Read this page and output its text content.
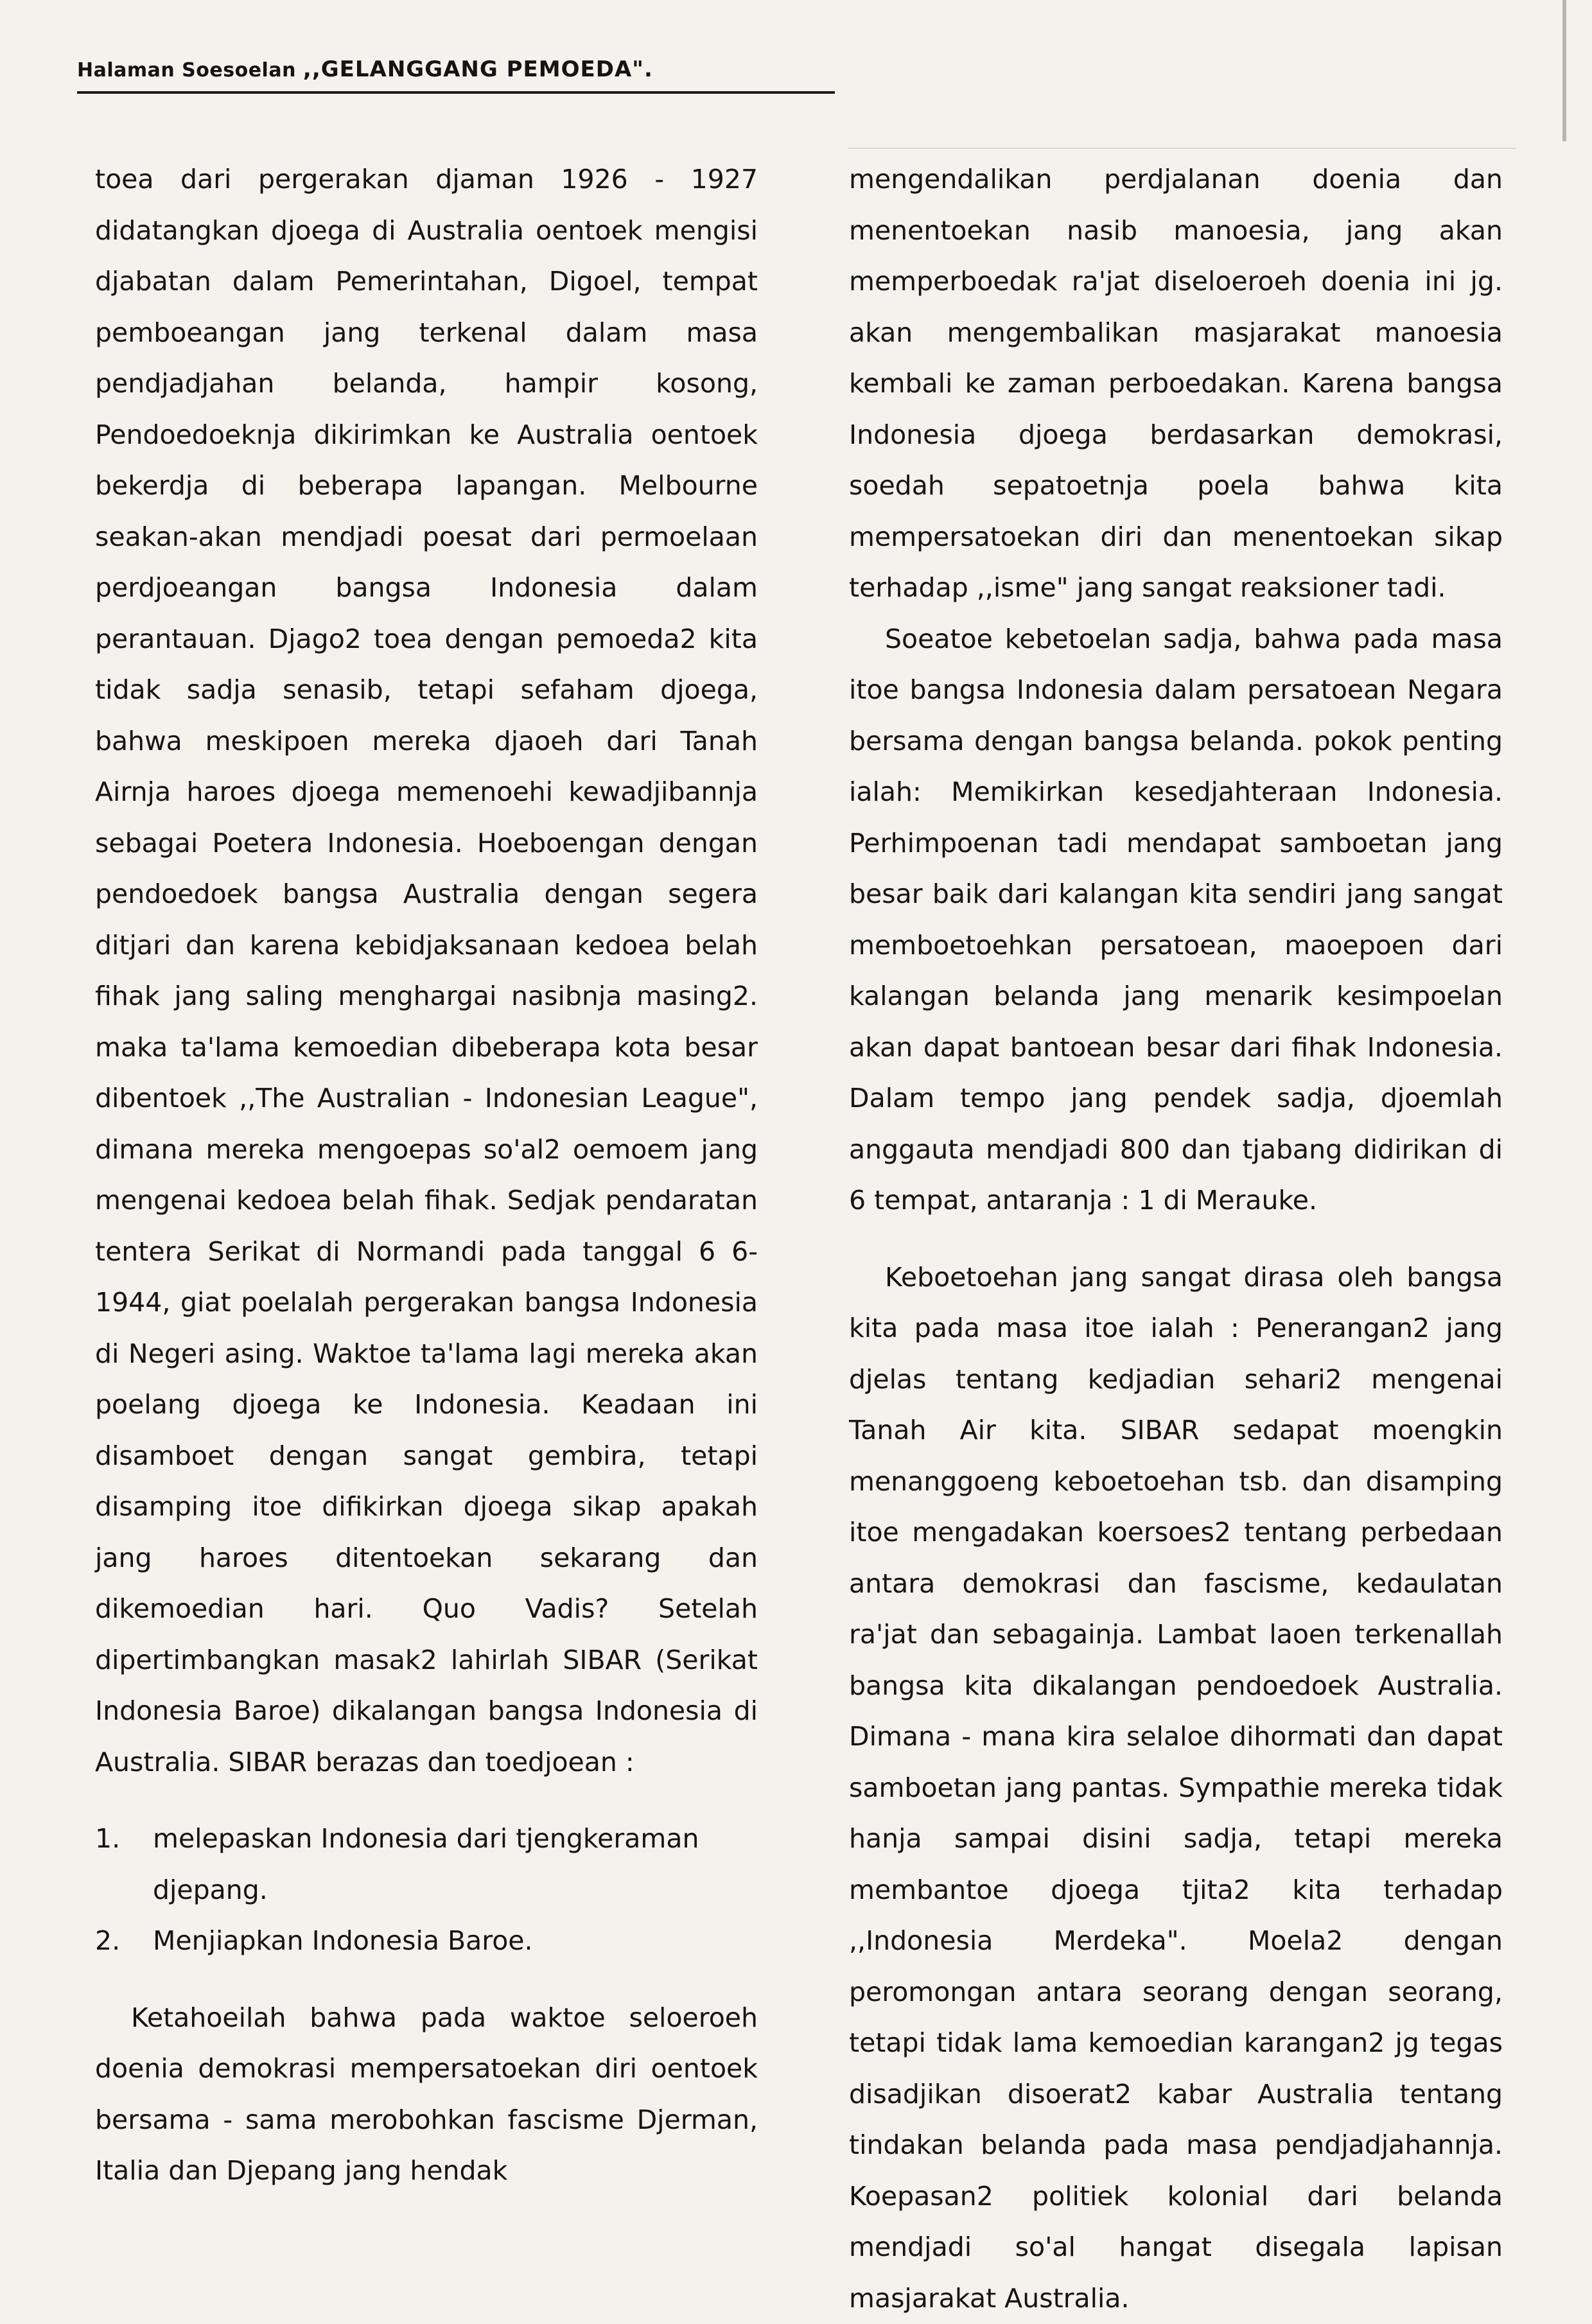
Halaman Soesoelan ,,GELANGGANG PEMOEDA".

toea dari pergerakan djaman 1926 - 1927 didatangkan djoega di Australia oentoek mengisi djabatan dalam Pemerintahan, Digoel, tempat pemboeangan jang terkenal dalam masa pendjadjahan belanda, hampir kosong, Pendoedoeknja dikirimkan ke Australia oentoek bekerdja di beberapa lapangan. Melbourne seakan-akan mendjadi poesat dari permoelaan perdjoeangan bangsa Indonesia dalam perantauan. Djago2 toea dengan pemoeda2 kita tidak sadja senasib, tetapi sefaham djoega, bahwa meskipoen mereka djaoeh dari Tanah Airnja haroes djoega memenoehi kewadjibannja sebagai Poetera Indonesia. Hoeboengan dengan pendoedoek bangsa Australia dengan segera ditjari dan karena kebidjaksanaan kedoea belah fihak jang saling menghargai nasibnja masing2. maka ta'lama kemoedian dibeberapa kota besar dibentoek ,,The Australian - Indonesian League", dimana mereka mengoepas so'al2 oemoem jang mengenai kedoea belah fihak. Sedjak pendaratan tentera Serikat di Normandi pada tanggal 6 6-1944, giat poelalah pergerakan bangsa Indonesia di Negeri asing. Waktoe ta'lama lagi mereka akan poelang djoega ke Indonesia. Keadaan ini disamboet dengan sangat gembira, tetapi disamping itoe difikirkan djoega sikap apakah jang haroes ditentoekan sekarang dan dikemoedian hari. Quo Vadis? Setelah dipertimbangkan masak2 lahirlah SIBAR (Serikat Indonesia Baroe) dikalangan bangsa Indonesia di Australia. SIBAR berazas dan toedjoean :

1. melepaskan Indonesia dari tjengkeraman djepang.
2. Menjiapkan Indonesia Baroe.

Ketahoeilah bahwa pada waktoe seloeroeh doenia demokrasi mempersatoekan diri oentoek bersama - sama merobohkan fascisme Djerman, Italia dan Djepang jang hendak

mengendalikan perdjalanan doenia dan menentoekan nasib manoesia, jang akan memperboedak ra'jat diseloeroeh doenia ini jg. akan mengembalikan masjarakat manoesia kembali ke zaman perboedakan. Karena bangsa Indonesia djoega berdasarkan demokrasi, soedah sepatoetnja poela bahwa kita mempersatoekan diri dan menentoekan sikap terhadap ,,isme" jang sangat reaksioner tadi.

Soeatoe kebetoelan sadja, bahwa pada masa itoe bangsa Indonesia dalam persatoean Negara bersama dengan bangsa belanda. pokok penting ialah: Memikirkan kesedjahteraan Indonesia. Perhimpoenan tadi mendapat samboetan jang besar baik dari kalangan kita sendiri jang sangat memboetoehkan persatoean, maoepoen dari kalangan belanda jang menarik kesimpoelan akan dapat bantoean besar dari fihak Indonesia. Dalam tempo jang pendek sadja, djoemlah anggauta mendjadi 800 dan tjabang didirikan di 6 tempat, antaranja : 1 di Merauke.

Keboetoehan jang sangat dirasa oleh bangsa kita pada masa itoe ialah : Penerangan2 jang djelas tentang kedjadian sehari2 mengenai Tanah Air kita. SIBAR sedapat moengkin menanggoeng keboetoehan tsb. dan disamping itoe mengadakan koersoes2 tentang perbedaan antara demokrasi dan fascisme, kedaulatan ra'jat dan sebagainja. Lambat laoen terkenallah bangsa kita dikalangan pendoedoek Australia. Dimana - mana kira selaloe dihormati dan dapat samboetan jang pantas. Sympathie mereka tidak hanja sampai disini sadja, tetapi mereka membantoe djoega tjita2 kita terhadap ,,Indonesia Merdeka". Moela2 dengan peromongan antara seorang dengan seorang, tetapi tidak lama kemoedian karangan2 jg tegas disadjikan disoerat2 kabar Australia tentang tindakan belanda pada masa pendjadjahannja. Koepasan2 politiek kolonial dari belanda mendjadi so'al hangat disegala lapisan masjarakat Australia.
